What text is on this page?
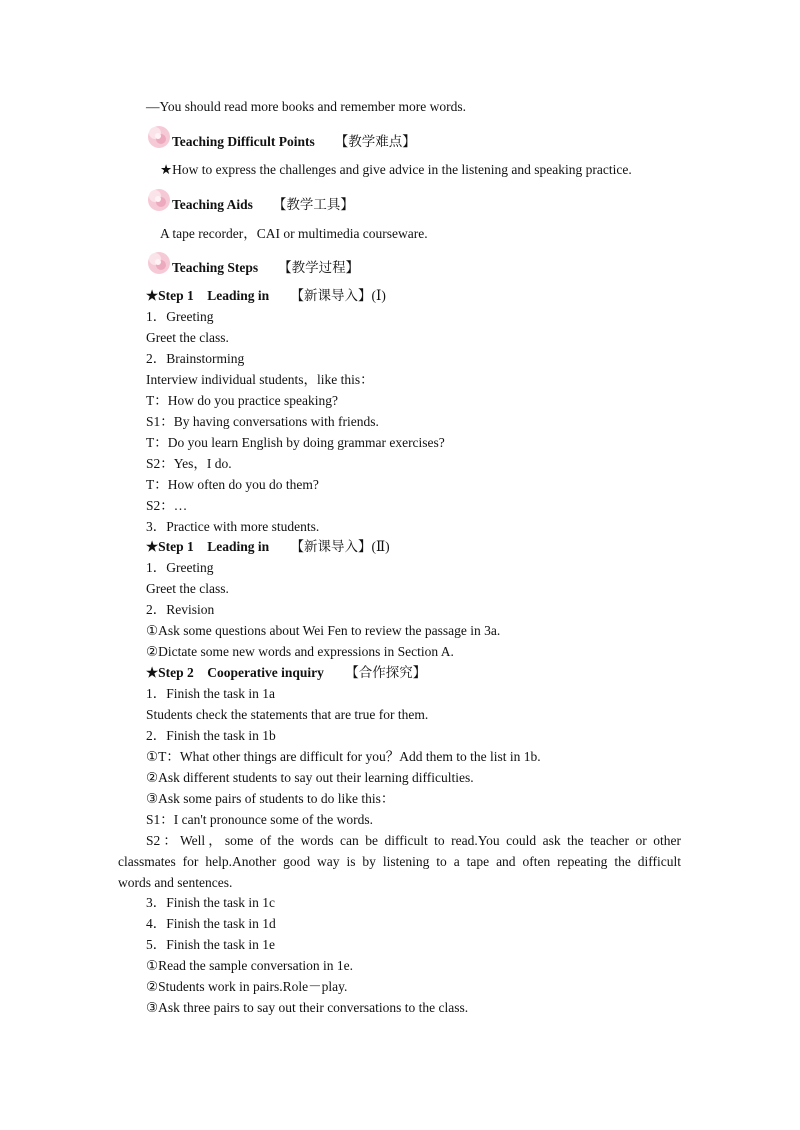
—You should read more books and remember more words.
Teaching Difficult Points 【教学难点】
★How to express the challenges and give advice in the listening and speaking practice.
Teaching Aids 【教学工具】
A tape recorder，CAI or multimedia courseware.
Teaching Steps 【教学过程】
★Step 1    Leading in 【新课导入】(Ⅰ)
1．Greeting
Greet the class.
2．Brainstorming
Interview individual students，like this：
T：How do you practice speaking?
S1：By having conversations with friends.
T：Do you learn English by doing grammar exercises?
S2：Yes，I do.
T：How often do you do them?
S2：…
3．Practice with more students.
★Step 1    Leading in 【新课导入】(Ⅱ)
1．Greeting
Greet the class.
2．Revision
①Ask some questions about Wei Fen to review the passage in 3a.
②Dictate some new words and expressions in Section A.
★Step 2    Cooperative inquiry 【合作探究】
1．Finish the task in 1a
Students check the statements that are true for them.
2．Finish the task in 1b
①T：What other things are difficult for you？Add them to the list in 1b.
②Ask different students to say out their learning difficulties.
③Ask some pairs of students to do like this：
S1：I can't pronounce some of the words.
S2：Well，some of the words can be difficult to read.You could ask the teacher or other
classmates for help.Another good way is by listening to a tape and often repeating the difficult
words and sentences.
3．Finish the task in 1c
4．Finish the task in 1d
5．Finish the task in 1e
①Read the sample conversation in 1e.
②Students work in pairs.Role－play.
③Ask three pairs to say out their conversations to the class.
